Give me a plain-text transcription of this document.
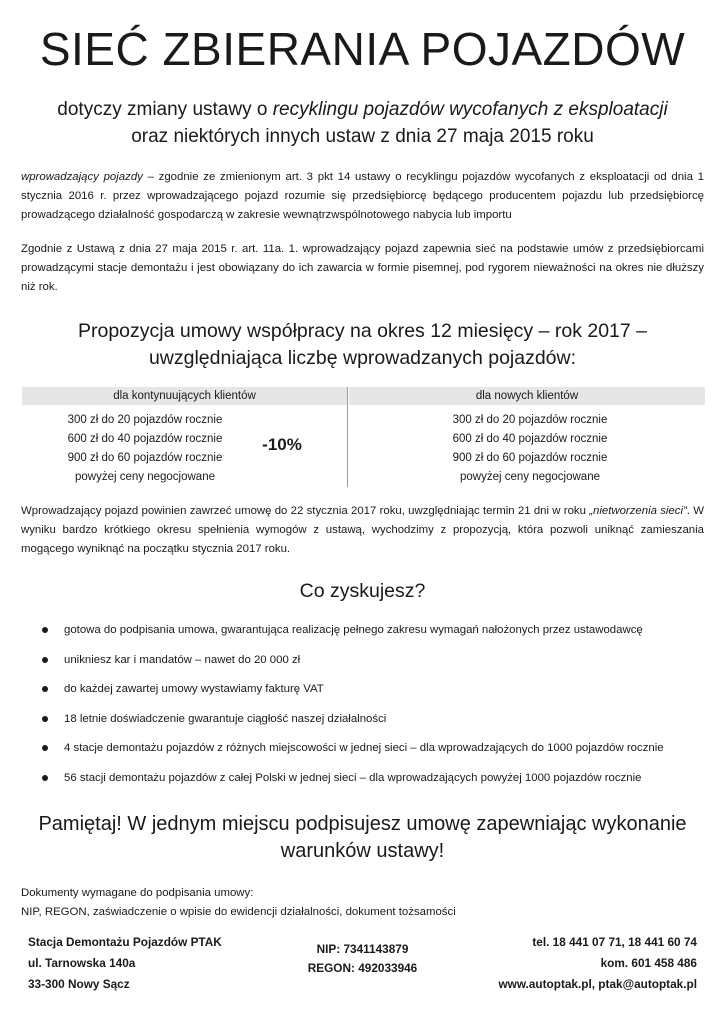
SIEĆ ZBIERANIA POJAZDÓW
dotyczy zmiany ustawy o recyklingu pojazdów wycofanych z eksploatacji
oraz niektórych innych ustaw z dnia 27 maja 2015 roku
wprowadzający pojazdy – zgodnie ze zmienionym art. 3 pkt 14 ustawy o recyklingu pojazdów wycofanych z eksploatacji od dnia 1 stycznia 2016 r. przez wprowadzającego pojazd rozumie się przedsiębiorcę będącego producentem pojazdu lub przedsiębiorcę prowadzącego działalność gospodarczą w zakresie wewnątrzwspólnotowego nabycia lub importu
Zgodnie z Ustawą z dnia 27 maja 2015 r. art. 11a. 1. wprowadzający pojazd zapewnia sieć na podstawie umów z przedsiębiorcami prowadzącymi stacje demontażu i jest obowiązany do ich zawarcia w formie pisemnej, pod rygorem nieważności na okres nie dłuższy niż rok.
Propozycja umowy współpracy na okres 12 miesięcy – rok 2017 –
uwzględniająca liczbę wprowadzanych pojazdów:
dla kontynuujących klientów	dla nowych klientów
300 zł do 20 pojazdów rocznie
600 zł do 40 pojazdów rocznie
900 zł do 60 pojazdów rocznie
powyżej ceny negocjowane
-10%
300 zł do 20 pojazdów rocznie
600 zł do 40 pojazdów rocznie
900 zł do 60 pojazdów rocznie
powyżej ceny negocjowane
Wprowadzający pojazd powinien zawrzeć umowę do 22 stycznia 2017 roku, uwzględniając termin 21 dni w roku „nietworzenia sieci”. W wyniku bardzo krótkiego okresu spełnienia wymogów z ustawą, wychodzimy z propozycją, która pozwoli uniknąć zamieszania mogącego wyniknąć na początku stycznia 2017 roku.
Co zyskujesz?
gotowa do podpisania umowa, gwarantująca realizację pełnego zakresu wymagań nałożonych przez ustawodawcę
unikniesz kar i mandatów – nawet do 20 000 zł
do każdej zawartej umowy wystawiamy fakturę VAT
18 letnie doświadczenie gwarantuje ciągłość naszej działalności
4 stacje demontażu pojazdów z różnych miejscowości w jednej sieci – dla wprowadzających do 1000 pojazdów rocznie
56 stacji demontażu pojazdów z całej Polski w jednej sieci – dla wprowadzających powyżej 1000 pojazdów rocznie
Pamiętaj! W jednym miejscu podpisujesz umowę zapewniając wykonanie
warunków ustawy!
Dokumenty wymagane do podpisania umowy:
NIP, REGON, zaświadczenie o wpisie do ewidencji działalności, dokument tożsamości
Stacja Demontażu Pojazdów PTAK
ul. Tarnowska 140a
33-300 Nowy Sącz
NIP: 7341143879
REGON: 492033946
tel. 18 441 07 71, 18 441 60 74
kom. 601 458 486
www.autoptak.pl, ptak@autoptak.pl
